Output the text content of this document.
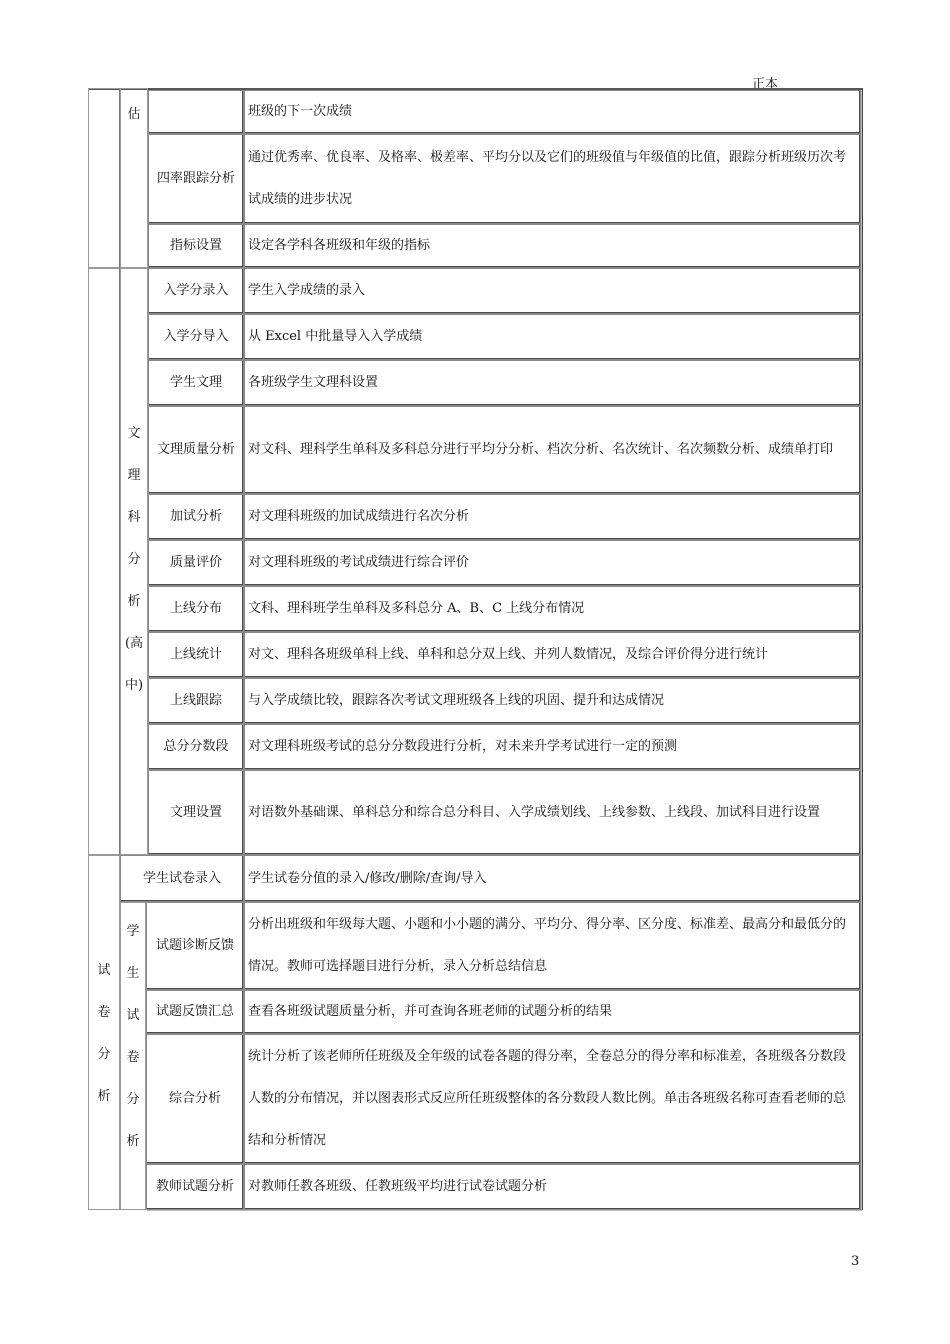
正本
估	班级的下一次成绩
四率跟踪分析
通过优秀率、优良率、及格率、极差率、平均分以及它们的班级值与年级值的比值，跟踪分析班级历次考试成绩的进步状况
指标设置 设定各学科各班级和年级的指标
文
理
科
分
析
(高
中)
入学分录入 学生入学成绩的录入
入学分导入 从 Excel 中批量导入入学成绩
学生文理 各班级学生文理科设置
文理质量分析 对文科、理科学生单科及多科总分进行平均分分析、档次分析、名次统计、名次频数分析、成绩单打印
加试分析 对文理科班级的加试成绩进行名次分析
质量评价 对文理科班级的考试成绩进行综合评价
上线分布 文科、理科班学生单科及多科总分 A、B、C 上线分布情况
上线统计 对文、理科各班级单科上线、单科和总分双上线、并列人数情况，及综合评价得分进行统计
上线跟踪 与入学成绩比较，跟踪各次考试文理班级各上线的巩固、提升和达成情况
总分分数段 对文理科班级考试的总分分数段进行分析，对未来升学考试进行一定的预测
文理设置 对语数外基础课、单科总分和综合总分科目、入学成绩划线、上线参数、上线段、加试科目进行设置
试
卷
分
析
学生试卷录入 学生试卷分值的录入/修改/删除/查询/导入
学
生
试
卷
分
析
试题诊断反馈
分析出班级和年级每大题、小题和小小题的满分、平均分、得分率、区分度、标准差、最高分和最低分的情况。教师可选择题目进行分析，录入分析总结信息
试题反馈汇总 查看各班级试题质量分析，并可查询各班老师的试题分析的结果
综合分析
统计分析了该老师所任班级及全年级的试卷各题的得分率，全卷总分的得分率和标准差，各班级各分数段人数的分布情况，并以图表形式反应所任班级整体的各分数段人数比例。单击各班级名称可查看老师的总结和分析情况
教师试题分析 对教师任教各班级、任教班级平均进行试卷试题分析
3
